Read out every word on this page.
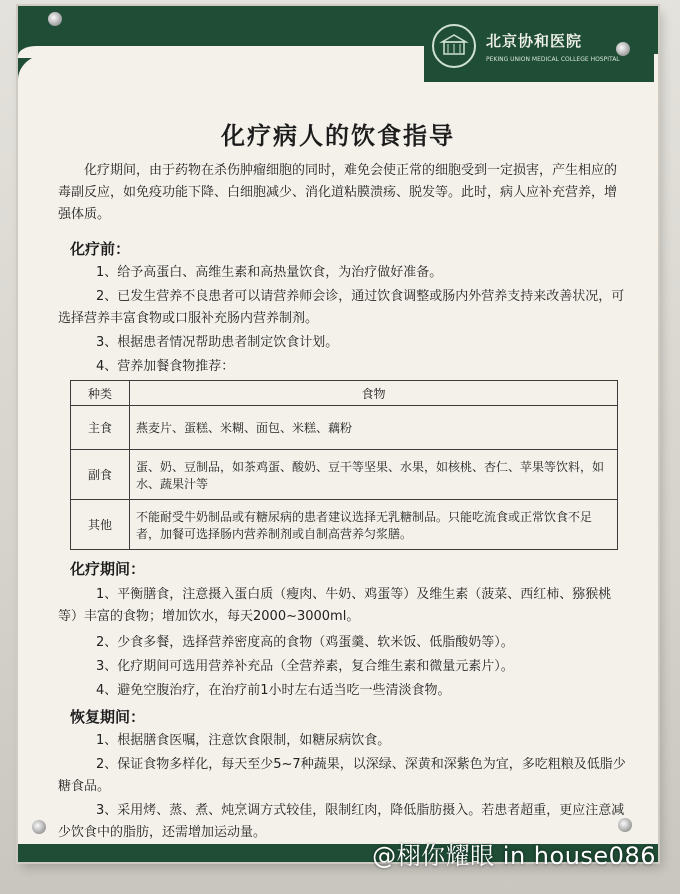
北京协和医院
PEKING UNION MEDICAL COLLEGE HOSPITAL
化疗病人的饮食指导
化疗期间，由于药物在杀伤肿瘤细胞的同时，难免会使正常的细胞受到一定损害，产生相应的毒副反应，如免疫功能下降、白细胞减少、消化道粘膜溃疡、脱发等。此时，病人应补充营养，增强体质。
化疗前：
1、给予高蛋白、高维生素和高热量饮食，为治疗做好准备。
2、已发生营养不良患者可以请营养师会诊，通过饮食调整或肠内外营养支持来改善状况，可选择营养丰富食物或口服补充肠内营养制剂。
3、根据患者情况帮助患者制定饮食计划。
4、营养加餐食物推荐：
种类	食物
主食	燕麦片、蛋糕、米糊、面包、米糕、藕粉
副食	蛋、奶、豆制品，如茶鸡蛋、酸奶、豆干等坚果、水果，如核桃、杏仁、苹果等饮料，如水、蔬果汁等
其他	不能耐受牛奶制品或有糖尿病的患者建议选择无乳糖制品。只能吃流食或正常饮食不足者，加餐可选择肠内营养制剂或自制高营养匀浆膳。
化疗期间：
1、平衡膳食，注意摄入蛋白质（瘦肉、牛奶、鸡蛋等）及维生素（菠菜、西红柿、猕猴桃等）丰富的食物；增加饮水，每天2000~3000ml。
2、少食多餐，选择营养密度高的食物（鸡蛋羹、软米饭、低脂酸奶等）。
3、化疗期间可选用营养补充品（全营养素，复合维生素和微量元素片）。
4、避免空腹治疗，在治疗前1小时左右适当吃一些清淡食物。
恢复期间：
1、根据膳食医嘱，注意饮食限制，如糖尿病饮食。
2、保证食物多样化，每天至少5~7种蔬果，以深绿、深黄和深紫色为宜，多吃粗粮及低脂少糖食品。
3、采用烤、蒸、煮、炖烹调方式较佳，限制红肉，降低脂肪摄入。若患者超重，更应注意减少饮食中的脂肪，还需增加运动量。
@栩你耀眼 in house086
